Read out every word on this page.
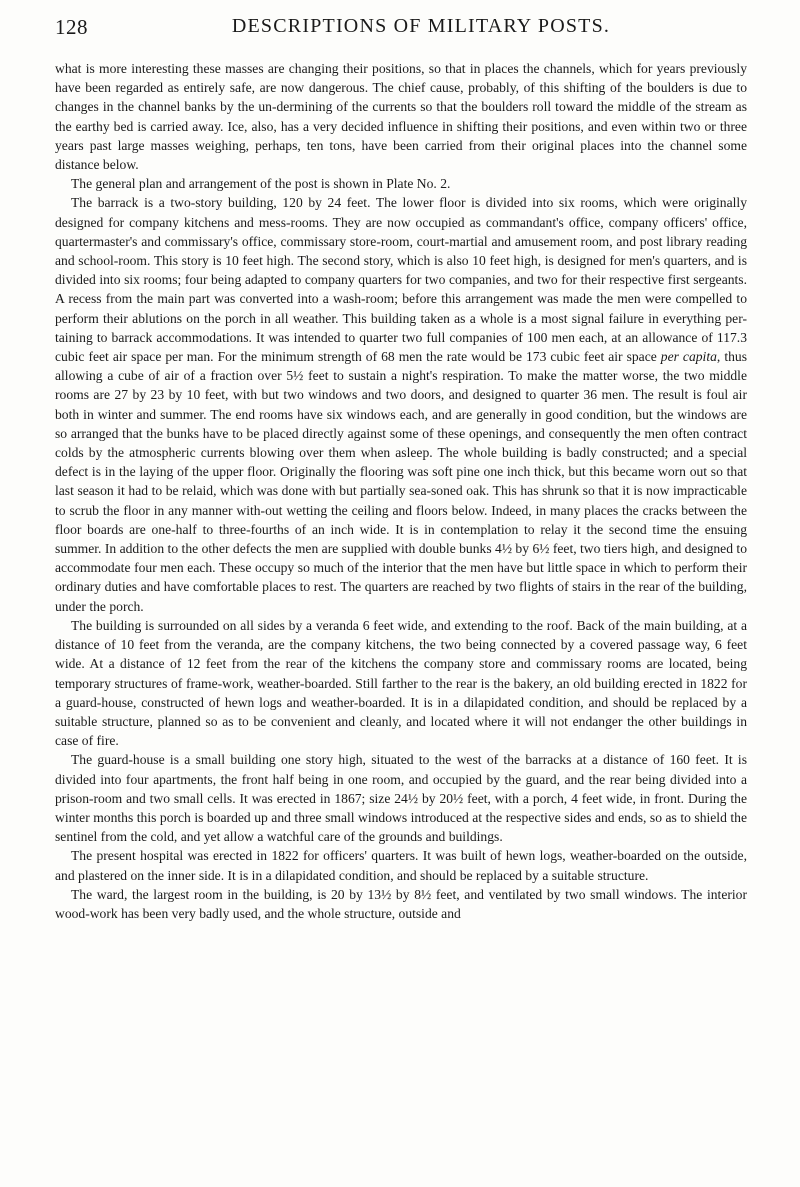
128	DESCRIPTIONS OF MILITARY POSTS.

what is more interesting these masses are changing their positions, so that in places the channels, which for years previously have been regarded as entirely safe, are now dangerous. The chief cause, probably, of this shifting of the boulders is due to changes in the channel banks by the un-dermining of the currents so that the boulders roll toward the middle of the stream as the earthy bed is carried away. Ice, also, has a very decided influence in shifting their positions, and even within two or three years past large masses weighing, perhaps, ten tons, have been carried from their original places into the channel some distance below.

The general plan and arrangement of the post is shown in Plate No. 2.

The barrack is a two-story building, 120 by 24 feet. The lower floor is divided into six rooms, which were originally designed for company kitchens and mess-rooms. They are now occupied as commandant's office, company officers' office, quartermaster's and commissary's office, commissary store-room, court-martial and amusement room, and post library reading and school-room. This story is 10 feet high. The second story, which is also 10 feet high, is designed for men's quarters, and is divided into six rooms; four being adapted to company quarters for two companies, and two for their respective first sergeants. A recess from the main part was converted into a wash-room; before this arrangement was made the men were compelled to perform their ablutions on the porch in all weather. This building taken as a whole is a most signal failure in everything per-taining to barrack accommodations. It was intended to quarter two full companies of 100 men each, at an allowance of 117.3 cubic feet air space per man. For the minimum strength of 68 men the rate would be 173 cubic feet air space per capita, thus allowing a cube of air of a fraction over 5½ feet to sustain a night's respiration. To make the matter worse, the two middle rooms are 27 by 23 by 10 feet, with but two windows and two doors, and designed to quarter 36 men. The result is foul air both in winter and summer. The end rooms have six windows each, and are generally in good condition, but the windows are so arranged that the bunks have to be placed directly against some of these openings, and consequently the men often contract colds by the atmospheric currents blowing over them when asleep. The whole building is badly constructed; and a special defect is in the laying of the upper floor. Originally the flooring was soft pine one inch thick, but this became worn out so that last season it had to be relaid, which was done with but partially sea-soned oak. This has shrunk so that it is now impracticable to scrub the floor in any manner with-out wetting the ceiling and floors below. Indeed, in many places the cracks between the floor boards are one-half to three-fourths of an inch wide. It is in contemplation to relay it the second time the ensuing summer. In addition to the other defects the men are supplied with double bunks 4½ by 6½ feet, two tiers high, and designed to accommodate four men each. These occupy so much of the interior that the men have but little space in which to perform their ordinary duties and have comfortable places to rest. The quarters are reached by two flights of stairs in the rear of the building, under the porch.

The building is surrounded on all sides by a veranda 6 feet wide, and extending to the roof. Back of the main building, at a distance of 10 feet from the veranda, are the company kitchens, the two being connected by a covered passage way, 6 feet wide. At a distance of 12 feet from the rear of the kitchens the company store and commissary rooms are located, being temporary structures of frame-work, weather-boarded. Still farther to the rear is the bakery, an old building erected in 1822 for a guard-house, constructed of hewn logs and weather-boarded. It is in a dilapidated condition, and should be replaced by a suitable structure, planned so as to be convenient and cleanly, and located where it will not endanger the other buildings in case of fire.

The guard-house is a small building one story high, situated to the west of the barracks at a distance of 160 feet. It is divided into four apartments, the front half being in one room, and occupied by the guard, and the rear being divided into a prison-room and two small cells. It was erected in 1867; size 24½ by 20½ feet, with a porch, 4 feet wide, in front. During the winter months this porch is boarded up and three small windows introduced at the respective sides and ends, so as to shield the sentinel from the cold, and yet allow a watchful care of the grounds and buildings.

The present hospital was erected in 1822 for officers' quarters. It was built of hewn logs, weather-boarded on the outside, and plastered on the inner side. It is in a dilapidated condition, and should be replaced by a suitable structure.

The ward, the largest room in the building, is 20 by 13½ by 8½ feet, and ventilated by two small windows. The interior wood-work has been very badly used, and the whole structure, outside and
